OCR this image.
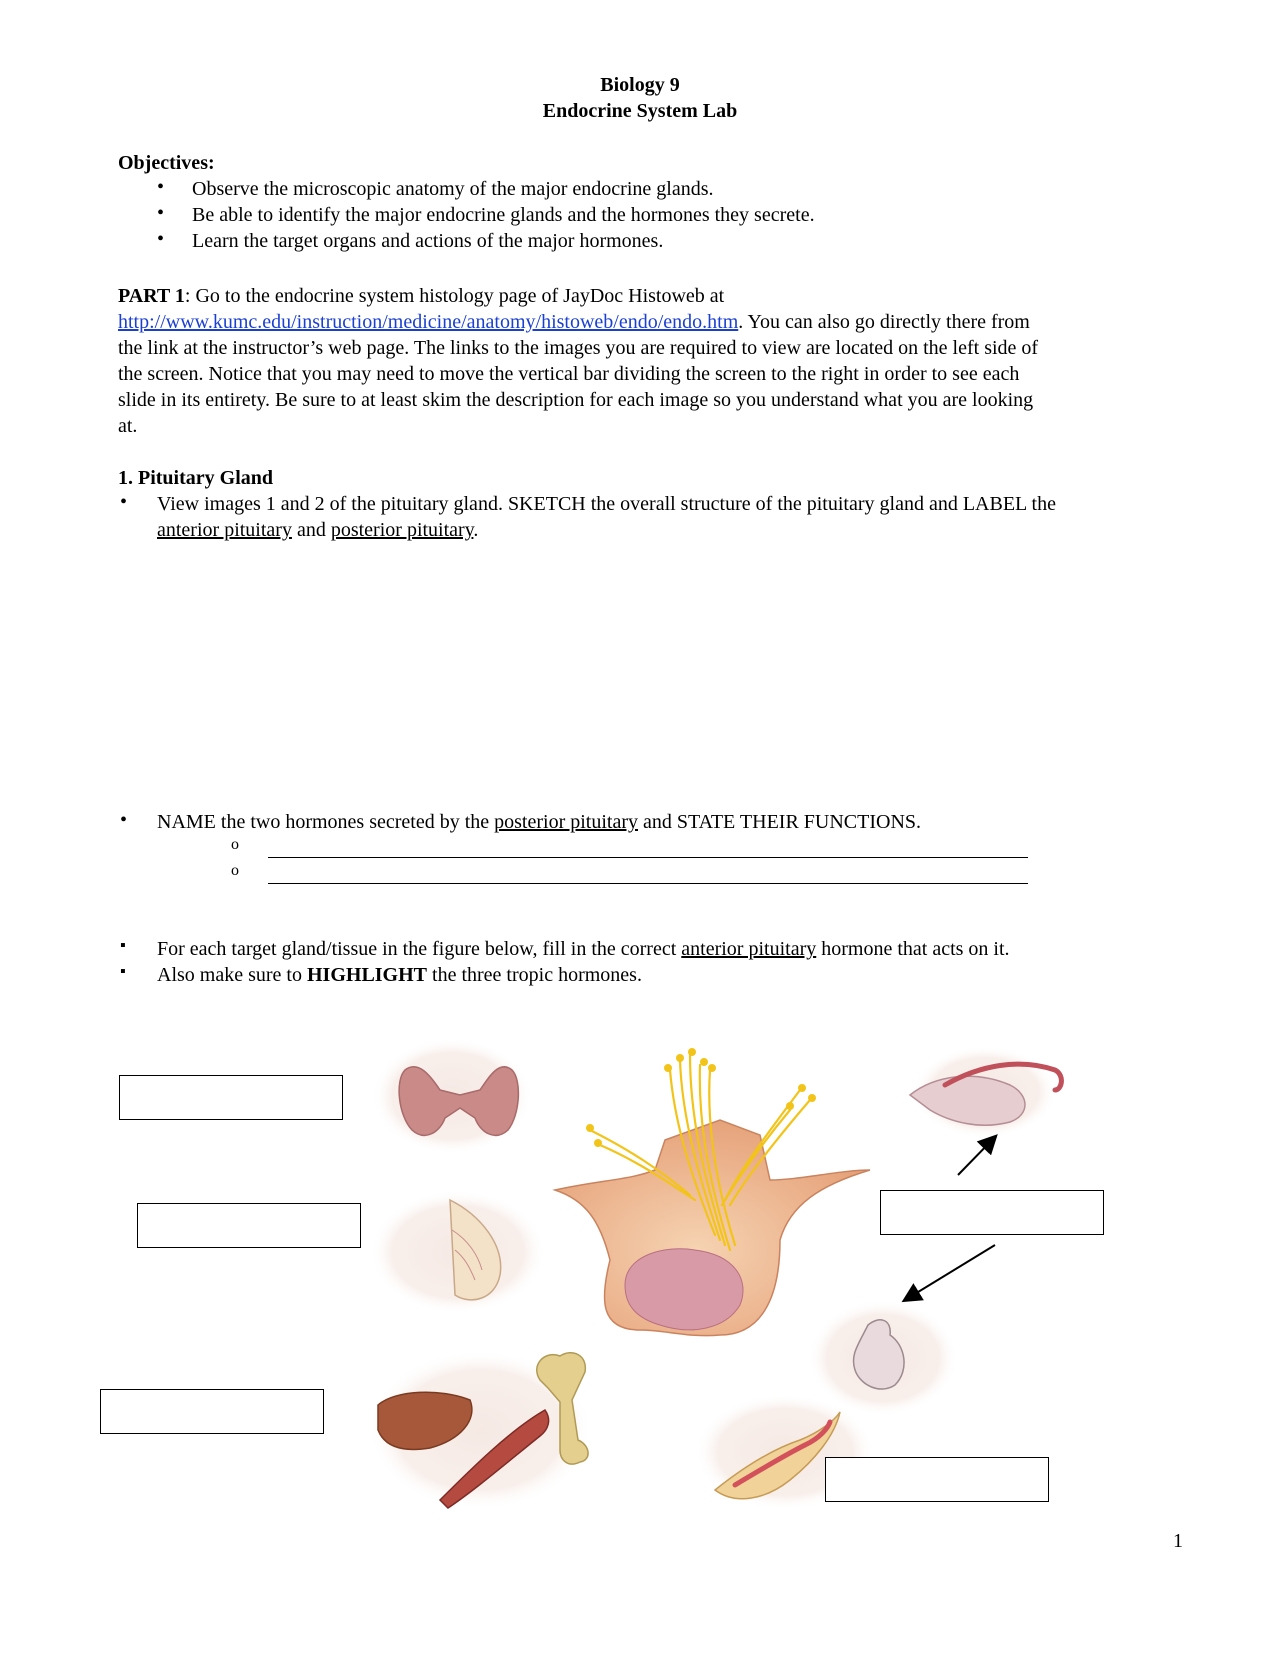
Biology 9
Endocrine System Lab
Objectives:
• Observe the microscopic anatomy of the major endocrine glands.
• Be able to identify the major endocrine glands and the hormones they secrete.
• Learn the target organs and actions of the major hormones.
PART 1: Go to the endocrine system histology page of JayDoc Histoweb at
http://www.kumc.edu/instruction/medicine/anatomy/histoweb/endo/endo.htm. You can also go directly there from
the link at the instructor’s web page. The links to the images you are required to view are located on the left side of
the screen. Notice that you may need to move the vertical bar dividing the screen to the right in order to see each
slide in its entirety. Be sure to at least skim the description for each image so you understand what you are looking
at.
1. Pituitary Gland
• View images 1 and 2 of the pituitary gland. SKETCH the overall structure of the pituitary gland and LABEL the
anterior pituitary and posterior pituitary.
• NAME the two hormones secreted by the posterior pituitary and STATE THEIR FUNCTIONS.
o
o
▪ For each target gland/tissue in the figure below, fill in the correct anterior pituitary hormone that acts on it.
▪ Also make sure to HIGHLIGHT the three tropic hormones.
1
